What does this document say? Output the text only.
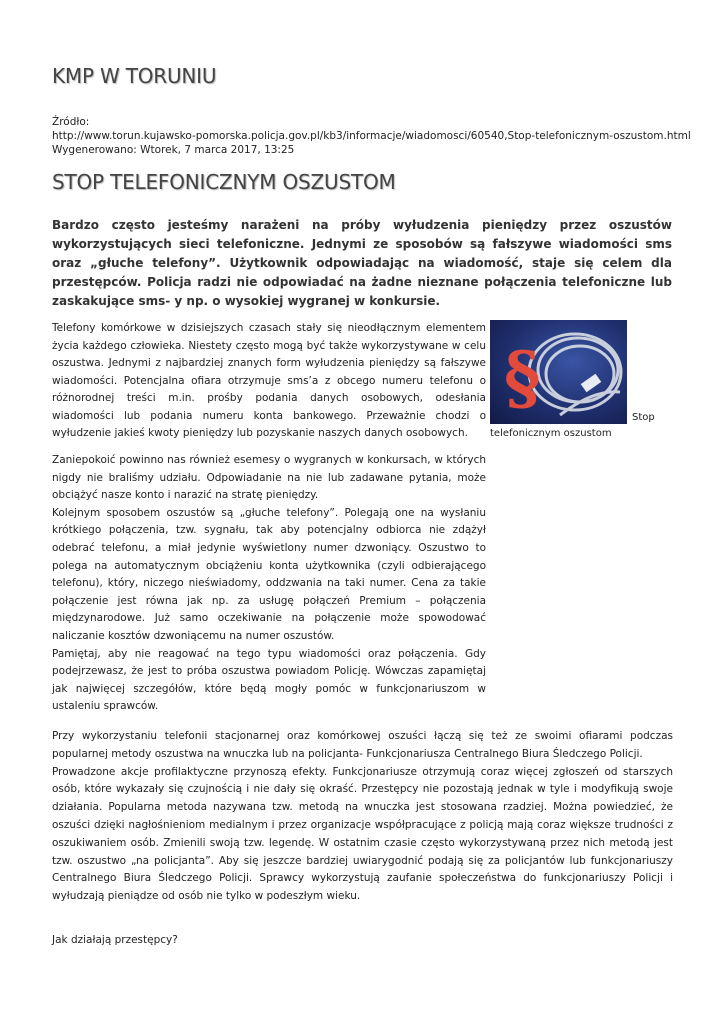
KMP W TORUNIU
Źródło:
http://www.torun.kujawsko-pomorska.policja.gov.pl/kb3/informacje/wiadomosci/60540,Stop-telefonicznym-oszustom.html
Wygenerowano: Wtorek, 7 marca 2017, 13:25
STOP TELEFONICZNYM OSZUSTOM

Bardzo często jesteśmy narażeni na próby wyłudzenia pieniędzy przez oszustów wykorzystujących sieci telefoniczne. Jednymi ze sposobów są fałszywe wiadomości sms oraz „głuche telefony”. Użytkownik odpowiadając na wiadomość, staje się celem dla przestępców. Policja radzi nie odpowiadać na żadne nieznane połączenia telefoniczne lub zaskakujące sms- y np. o wysokiej wygranej w konkursie.

Telefony komórkowe w dzisiejszych czasach stały się nieodłącznym elementem życia każdego człowieka. Niestety często mogą być także wykorzystywane w celu oszustwa. Jednymi z najbardziej znanych form wyłudzenia pieniędzy są fałszywe wiadomości. Potencjalna ofiara otrzymuje sms’a z obcego numeru telefonu o różnorodnej treści m.in. prośby podania danych osobowych, odesłania wiadomości lub podania numeru konta bankowego. Przeważnie chodzi o wyłudzenie jakieś kwoty pieniędzy lub pozyskanie naszych danych osobowych.

§	Stop
telefonicznym oszustom

Zaniepokoić powinno nas również esemesy o wygranych w konkursach, w których nigdy nie braliśmy udziału. Odpowiadanie na nie lub zadawane pytania, może obciążyć nasze konto i narazić na stratę pieniędzy.
Kolejnym sposobem oszustów są „głuche telefony”. Polegają one na wysłaniu krótkiego połączenia, tzw. sygnału, tak aby potencjalny odbiorca nie zdążył odebrać telefonu, a miał jedynie wyświetlony numer dzwoniący. Oszustwo to polega na automatycznym obciążeniu konta użytkownika (czyli odbierającego telefonu), który, niczego nieświadomy, oddzwania na taki numer. Cena za takie połączenie jest równa jak np. za usługę połączeń Premium – połączenia międzynarodowe. Już samo oczekiwanie na połączenie może spowodować naliczanie kosztów dzwoniącemu na numer oszustów.
Pamiętaj, aby nie reagować na tego typu wiadomości oraz połączenia. Gdy podejrzewasz, że jest to próba oszustwa powiadom Policję. Wówczas zapamiętaj jak najwięcej szczegółów, które będą mogły pomóc w funkcjonariuszom w ustaleniu sprawców.

Przy wykorzystaniu telefonii stacjonarnej oraz komórkowej oszuści łączą się też ze swoimi ofiarami podczas popularnej metody oszustwa na wnuczka lub na policjanta- Funkcjonariusza Centralnego Biura Śledczego Policji.
Prowadzone akcje profilaktyczne przynoszą efekty. Funkcjonariusze otrzymują coraz więcej zgłoszeń od starszych osób, które wykazały się czujnością i nie dały się okraść. Przestępcy nie pozostają jednak w tyle i modyfikują swoje działania. Popularna metoda nazywana tzw. metodą na wnuczka jest stosowana rzadziej. Można powiedzieć, że oszuści dzięki nagłośnieniom medialnym i przez organizacje współpracujące z policją mają coraz większe trudności z oszukiwaniem osób. Zmienili swoją tzw. legendę. W ostatnim czasie często wykorzystywaną przez nich metodą jest tzw. oszustwo „na policjanta”. Aby się jeszcze bardziej uwiarygodnić podają się za policjantów lub funkcjonariuszy Centralnego Biura Śledczego Policji. Sprawcy wykorzystują zaufanie społeczeństwa do funkcjonariuszy Policji i wyłudzają pieniądze od osób nie tylko w podeszłym wieku.

Jak działają przestępcy?
